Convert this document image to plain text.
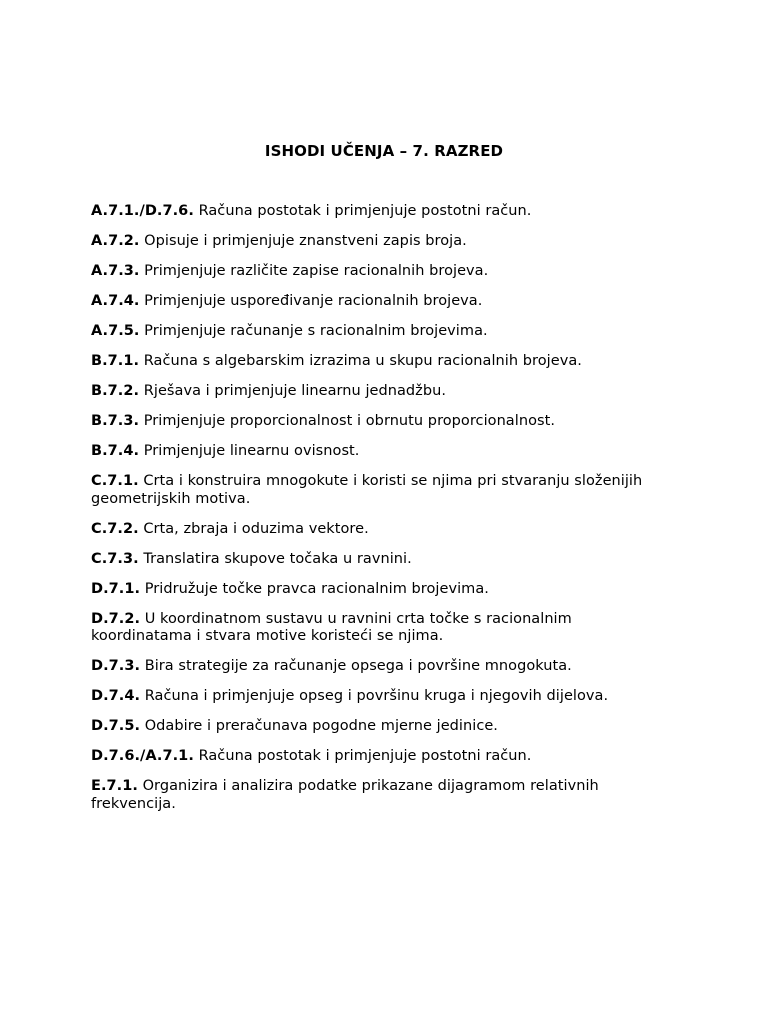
ISHODI UČENJA – 7. RAZRED
A.7.1./D.7.6. Računa postotak i primjenjuje postotni račun.
A.7.2. Opisuje i primjenjuje znanstveni zapis broja.
A.7.3. Primjenjuje različite zapise racionalnih brojeva.
A.7.4. Primjenjuje uspoređivanje racionalnih brojeva.
A.7.5. Primjenjuje računanje s racionalnim brojevima.
B.7.1. Računa s algebarskim izrazima u skupu racionalnih brojeva.
B.7.2. Rješava i primjenjuje linearnu jednadžbu.
B.7.3. Primjenjuje proporcionalnost i obrnutu proporcionalnost.
B.7.4. Primjenjuje linearnu ovisnost.
C.7.1. Crta i konstruira mnogokute i koristi se njima pri stvaranju složenijih geometrijskih motiva.
C.7.2. Crta, zbraja i oduzima vektore.
C.7.3. Translatira skupove točaka u ravnini.
D.7.1. Pridružuje točke pravca racionalnim brojevima.
D.7.2. U koordinatnom sustavu u ravnini crta točke s racionalnim koordinatama i stvara motive koristeći se njima.
D.7.3. Bira strategije za računanje opsega i površine mnogokuta.
D.7.4. Računa i primjenjuje opseg i površinu kruga i njegovih dijelova.
D.7.5. Odabire i preračunava pogodne mjerne jedinice.
D.7.6./A.7.1. Računa postotak i primjenjuje postotni račun.
E.7.1. Organizira i analizira podatke prikazane dijagramom relativnih frekvencija.
